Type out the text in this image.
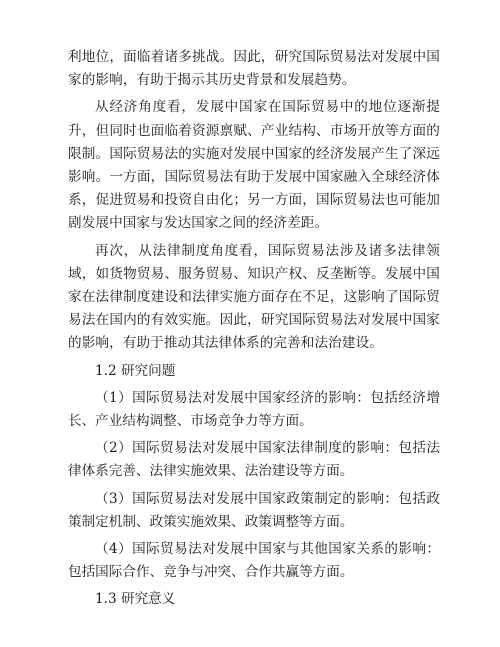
利地位，面临着诸多挑战。因此，研究国际贸易法对发展中国家的影响，有助于揭示其历史背景和发展趋势。

从经济角度看，发展中国家在国际贸易中的地位逐渐提升，但同时也面临着资源禀赋、产业结构、市场开放等方面的限制。国际贸易法的实施对发展中国家的经济发展产生了深远影响。一方面，国际贸易法有助于发展中国家融入全球经济体系，促进贸易和投资自由化；另一方面，国际贸易法也可能加剧发展中国家与发达国家之间的经济差距。

再次，从法律制度角度看，国际贸易法涉及诸多法律领域，如货物贸易、服务贸易、知识产权、反垄断等。发展中国家在法律制度建设和法律实施方面存在不足，这影响了国际贸易法在国内的有效实施。因此，研究国际贸易法对发展中国家的影响，有助于推动其法律体系的完善和法治建设。

1.2 研究问题

（1）国际贸易法对发展中国家经济的影响：包括经济增长、产业结构调整、市场竞争力等方面。

（2）国际贸易法对发展中国家法律制度的影响：包括法律体系完善、法律实施效果、法治建设等方面。

（3）国际贸易法对发展中国家政策制定的影响：包括政策制定机制、政策实施效果、政策调整等方面。

（4）国际贸易法对发展中国家与其他国家关系的影响：包括国际合作、竞争与冲突、合作共赢等方面。

1.3 研究意义
